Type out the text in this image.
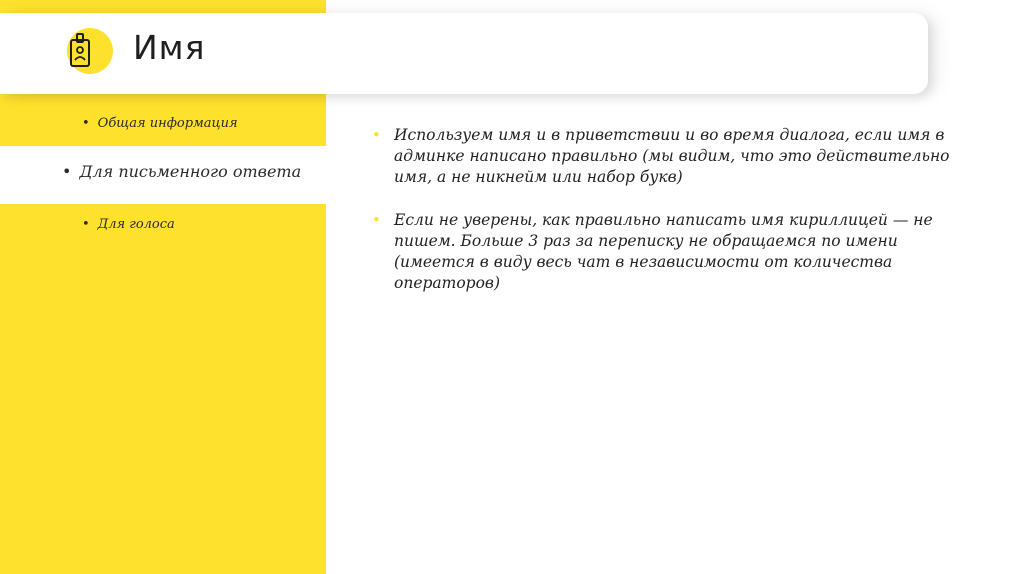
Имя
• Общая информация
• Для письменного ответа
• Для голоса
• Используем имя и в приветствии и во время диалога, если имя в админке написано правильно (мы видим, что это действительно имя, а не никнейм или набор букв)
• Если не уверены, как правильно написать имя кириллицей — не пишем. Больше 3 раз за переписку не обращаемся по имени (имеется в виду весь чат в независимости от количества операторов)
